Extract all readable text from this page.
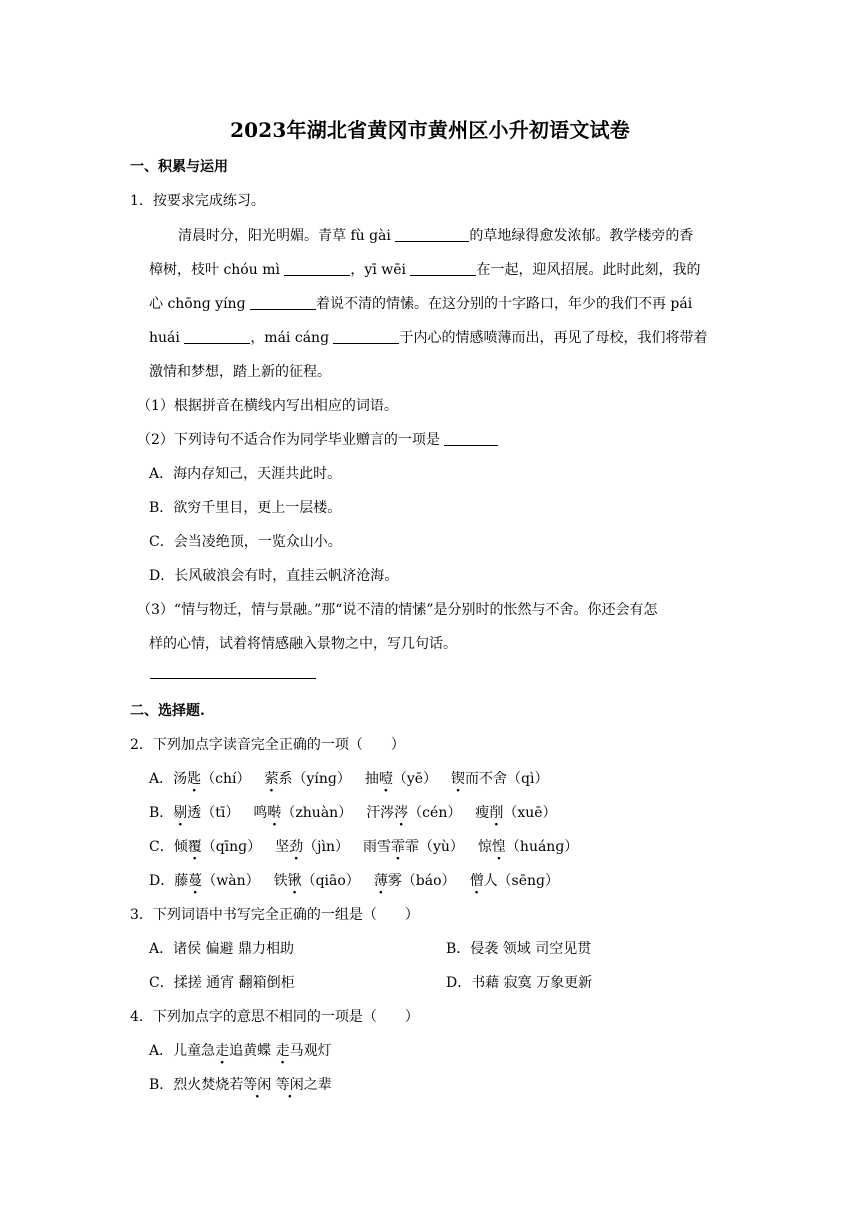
2023年湖北省黄冈市黄州区小升初语文试卷
一、积累与运用
1．按要求完成练习。
清晨时分，阳光明媚。青草 fù gài	的草地绿得愈发浓郁。教学楼旁的香
樟树，枝叶 chóu mì	，yī wēi	在一起，迎风招展。此时此刻，我的
心 chōnɡ yínɡ	着说不清的情愫。在这分别的十字路口，年少的我们不再 pái
huái	，mái cánɡ	于内心的情感喷薄而出，再见了母校，我们将带着
激情和梦想，踏上新的征程。
（1）根据拼音在横线内写出相应的词语。
（2）下列诗句不适合作为同学毕业赠言的一项是
A．海内存知己，天涯共此时。
B．欲穷千里目，更上一层楼。
C．会当凌绝顶，一览众山小。
D．长风破浪会有时，直挂云帆济沧海。
（3）“情与物迁，情与景融。”那“说不清的情愫”是分别时的怅然与不舍。你还会有怎
样的心情，试着将情感融入景物之中，写几句话。
二、选择题.
2．下列加点字读音完全正确的一项（　　）
A．汤匙（chí） 萦系（yínɡ） 抽噎（yē） 锲而不舍（qì）
B．剔透（tī） 鸣啭（zhuàn） 汗涔涔（cén） 瘦削（xuē）
C．倾覆（qīnɡ） 坚劲（jìn） 雨雪霏霏（yù） 惊惶（huánɡ）
D．藤蔓（wàn） 铁锹（qiāo） 薄雾（báo） 僧人（sēnɡ）
3．下列词语中书写完全正确的一组是（　　）
A．诸侯 偏避 鼎力相助	B．侵袭 领域 司空见贯
C．揉搓 通宵 翻箱倒柜	D．书藉 寂寞 万象更新
4．下列加点字的意思不相同的一项是（　　）
A．儿童急走追黄蝶 走马观灯
B．烈火焚烧若等闲 等闲之辈
